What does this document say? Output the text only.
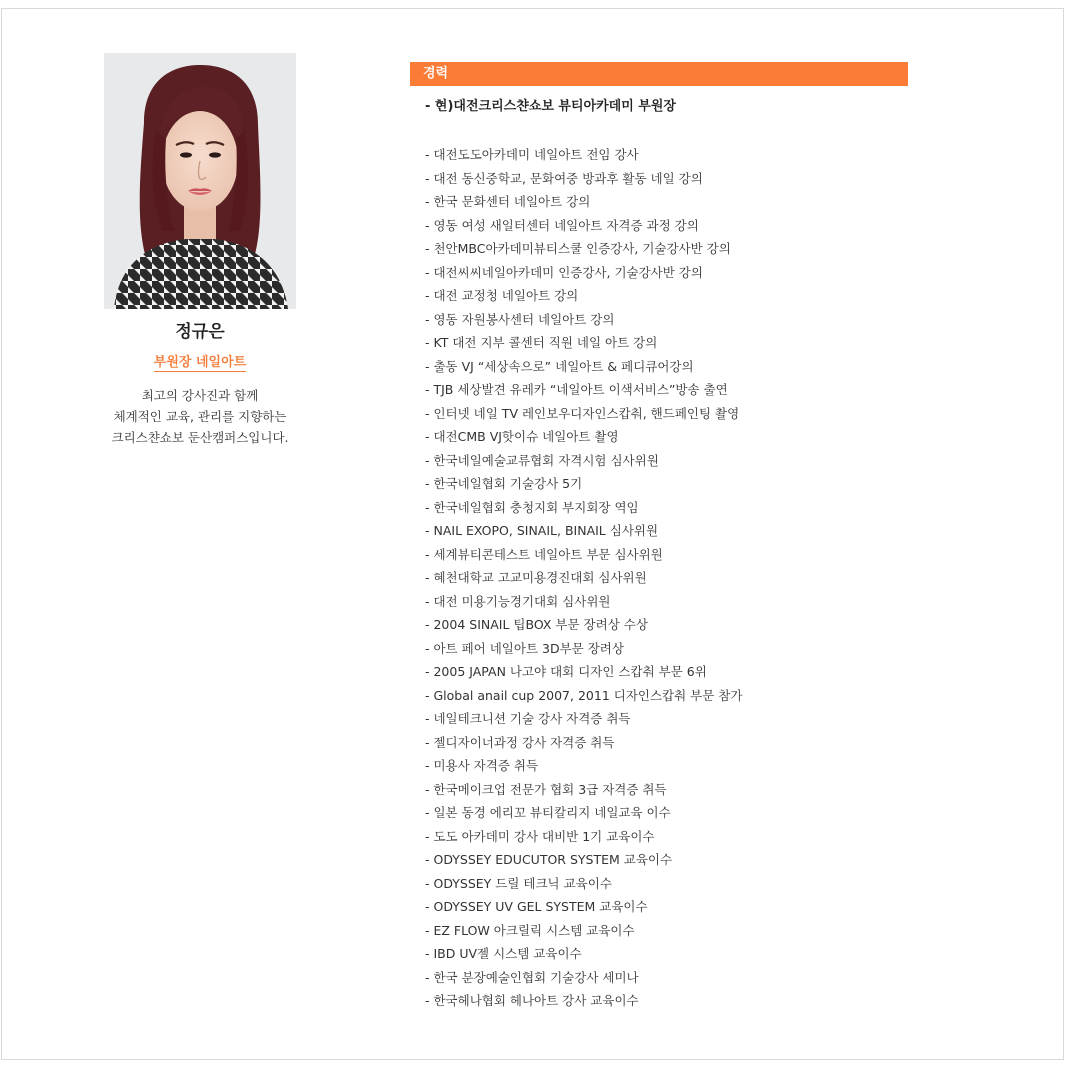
정규은
부원장 네일아트
최고의 강사진과 함께
체계적인 교육, 관리를 지향하는
크리스챤쇼보 둔산캠퍼스입니다.
경력
- 현)대전크리스챤쇼보 뷰티아카데미 부원장
- 대전도도아카데미 네일아트 전임 강사
- 대전 동신중학교, 문화여중 방과후 활동 네일 강의
- 한국 문화센터 네일아트 강의
- 영동 여성 새일터센터 네일아트 자격증 과정 강의
- 천안MBC아카데미뷰티스쿨 인증강사, 기술강사반 강의
- 대전씨씨네일아카데미 인증강사, 기술강사반 강의
- 대전 교정청 네일아트 강의
- 영동 자원봉사센터 네일아트 강의
- KT 대전 지부 콜센터 직원 네일 아트 강의
- 출동 VJ “세상속으로” 네일아트 & 페디큐어강의
- TJB 세상발견 유레카 “네일아트 이색서비스”방송 출연
- 인터넷 네일 TV 레인보우디자인스캅춰, 핸드페인팅 촬영
- 대전CMB VJ핫이슈 네일아트 촬영
- 한국네일예술교류협회 자격시험 심사위원
- 한국네일협회 기술강사 5기
- 한국네일협회 충청지회 부지회장 역임
- NAIL EXOPO, SINAIL, BINAIL 심사위원
- 세계뷰티콘테스트 네일아트 부문 심사위원
- 혜천대학교 고교미용경진대회 심사위원
- 대전 미용기능경기대회 심사위원
- 2004 SINAIL 팁BOX 부문 장려상 수상
- 아트 페어 네일아트 3D부문 장려상
- 2005 JAPAN 나고야 대회 디자인 스캅춰 부문 6위
- Global anail cup 2007, 2011 디자인스캅춰 부문 참가
- 네일테크니션 기술 강사 자격증 취득
- 젤디자이너과정 강사 자격증 취득
- 미용사 자격증 취득
- 한국메이크업 전문가 협회 3급 자격증 취득
- 일본 동경 에리꼬 뷰티칼리지 네일교육 이수
- 도도 아카데미 강사 대비반 1기 교육이수
- ODYSSEY EDUCUTOR SYSTEM 교육이수
- ODYSSEY 드릴 테크닉 교육이수
- ODYSSEY UV GEL SYSTEM 교육이수
- EZ FLOW 아크릴릭 시스템 교육이수
- IBD UV젤 시스템 교육이수
- 한국 분장예술인협회 기술강사 세미나
- 한국헤나협회 헤나아트 강사 교육이수
